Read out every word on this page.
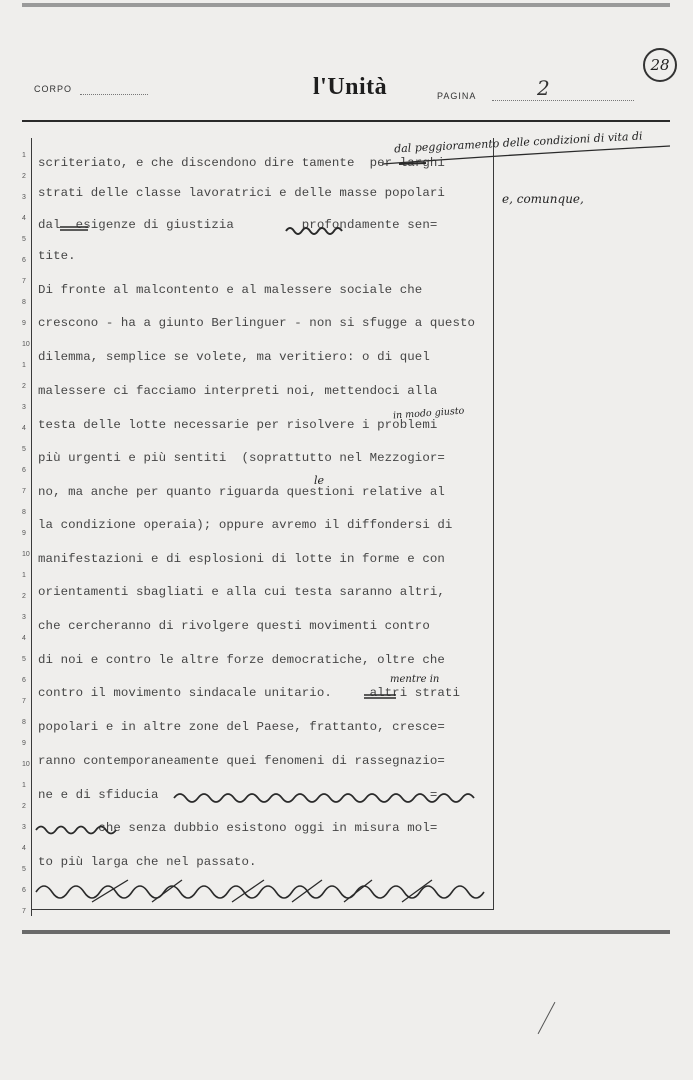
CORPO	l'Unità	PAGINA	2
28
1
2
3
4
5
6
7
8
9
10
1
2
3
4
5
6
7
8
9
10
1
2
3
4
5
6
7
8
9
10
1
2
3
4
5
6
7
scriteriato, e che discendono dire tamente  per larghi
strati delle classe lavoratrici e delle masse popolari
dal  esigenze di giustizia         profondamente sen=
tite.
Di fronte al malcontento e al malessere sociale che
crescono - ha a giunto Berlinguer - non si sfugge a questo
dilemma, semplice se volete, ma veritiero: o di quel
malessere ci facciamo interpreti noi, mettendoci alla
testa delle lotte necessarie per risolvere i problemi
più urgenti e più sentiti  (soprattutto nel Mezzogior=
no, ma anche per quanto riguarda questioni relative al
la condizione operaia); oppure avremo il diffondersi di
manifestazioni e di esplosioni di lotte in forme e con
orientamenti sbagliati e alla cui testa saranno altri,
che cercheranno di rivolgere questi movimenti contro
di noi e contro le altre forze democratiche, oltre che
contro il movimento sindacale unitario.     altri strati
popolari e in altre zone del Paese, frattanto, cresce=
ranno contemporaneamente quei fenomeni di rassegnazio=
ne e di sfiducia                                    =
che senza dubbio esistono oggi in misura mol=
to più larga che nel passato.
dal peggioramento delle condizioni di vita di
e, comunque,
in modo giusto
le
mentre in
